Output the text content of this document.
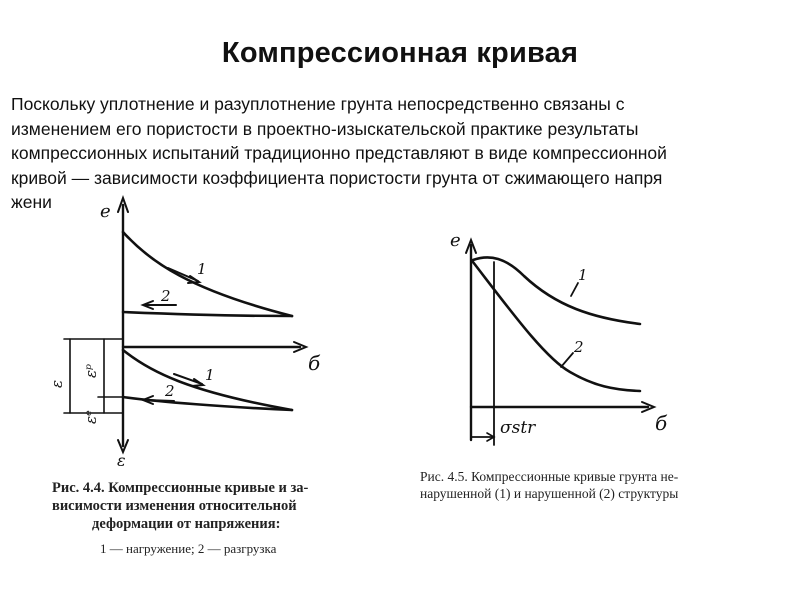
Компрессионная кривая
Поскольку уплотнение и разуплотнение грунта непосредственно связаны с
изменением его пористости в проектно-изыскательской практике результаты
компрессионных испытаний традиционно представляют в виде компрессионной
кривой — зависимости коэффициента пористости грунта от сжимающего напря
жени	e
б
ε
1
2
1
2
ε
εᵖ
εᵉ
Рис. 4.4. Компрессионные кривые и за-
висимости изменения относительной
деформации от напряжения:
1 — нагружение; 2 — разгрузка
e
б
1
2
σstr
Рис. 4.5. Компрессионные кривые грунта не-
нарушенной (1) и нарушенной (2) структуры
